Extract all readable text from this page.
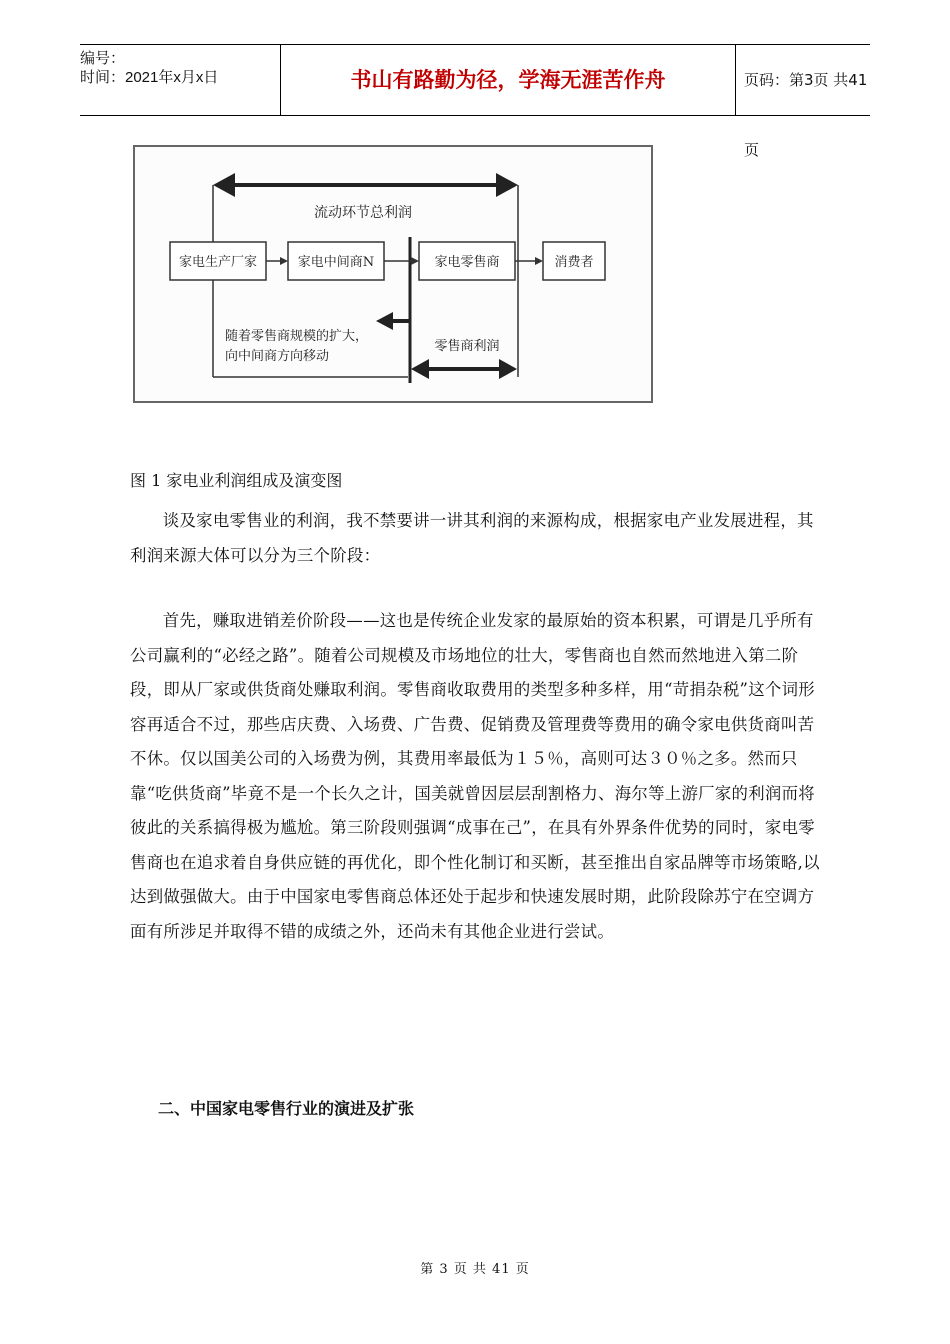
编号：
时间：2021年x月x日	书山有路勤为径，学海无涯苦作舟	页码：第3页 共41页
流动环节总利润
家电生产厂家	家电中间商N	家电零售商	消费者
随着零售商规模的扩大，
向中间商方向移动
零售商利润
图 1 家电业利润组成及演变图

谈及家电零售业的利润，我不禁要讲一讲其利润的来源构成，根据家电产业发展进程，其利润来源大体可以分为三个阶段：

首先，赚取进销差价阶段——这也是传统企业发家的最原始的资本积累，可谓是几乎所有公司赢利的“必经之路”。随着公司规模及市场地位的壮大，零售商也自然而然地进入第二阶段，即从厂家或供货商处赚取利润。零售商收取费用的类型多种多样，用“苛捐杂税”这个词形容再适合不过，那些店庆费、入场费、广告费、促销费及管理费等费用的确令家电供货商叫苦不休。仅以国美公司的入场费为例，其费用率最低为１５％，高则可达３０％之多。然而只靠“吃供货商”毕竟不是一个长久之计，国美就曾因层层刮割格力、海尔等上游厂家的利润而将彼此的关系搞得极为尴尬。第三阶段则强调“成事在己”，在具有外界条件优势的同时，家电零售商也在追求着自身供应链的再优化，即个性化制订和买断，甚至推出自家品牌等市场策略,以达到做强做大。由于中国家电零售商总体还处于起步和快速发展时期，此阶段除苏宁在空调方面有所涉足并取得不错的成绩之外，还尚未有其他企业进行尝试。

二、中国家电零售行业的演进及扩张
第 3 页 共 41 页
